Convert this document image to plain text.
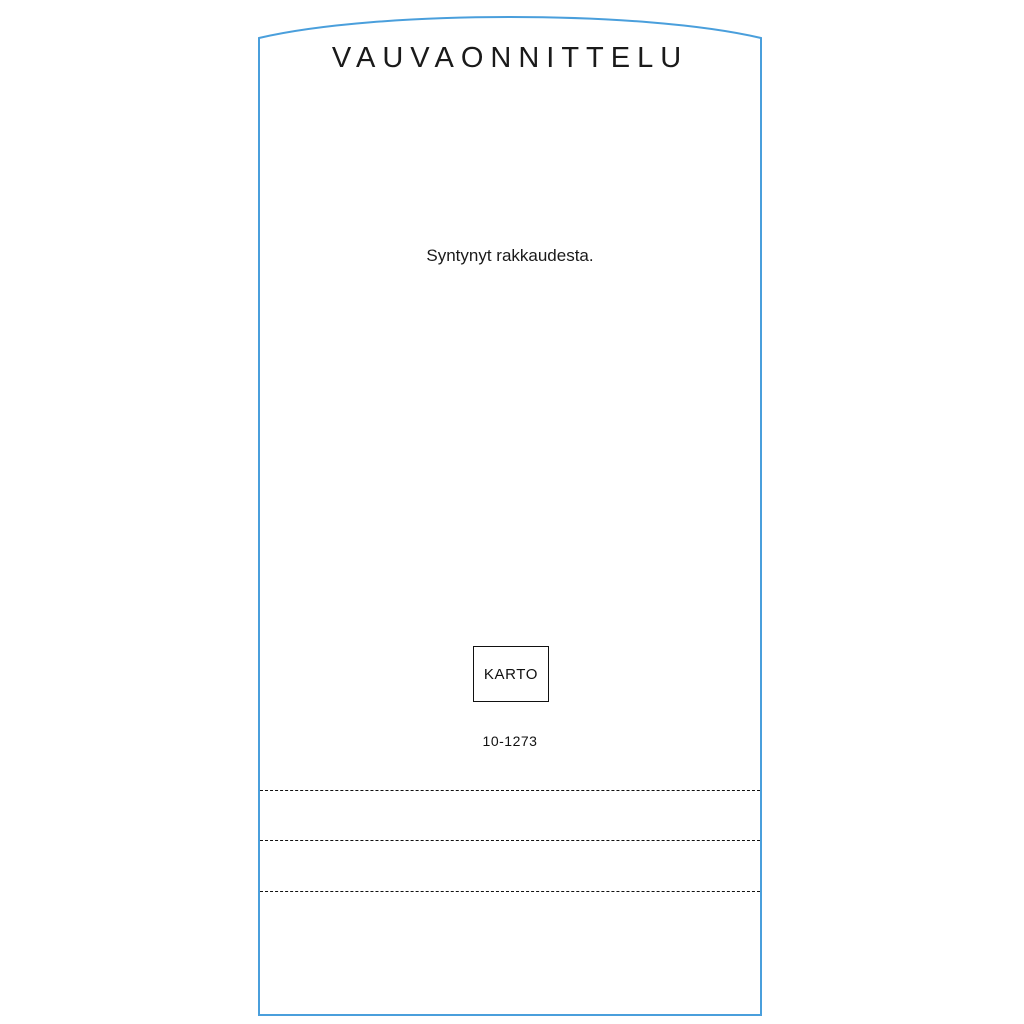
VAUVAONNITTELU
Syntynyt rakkaudesta.
KARTO
10-1273
